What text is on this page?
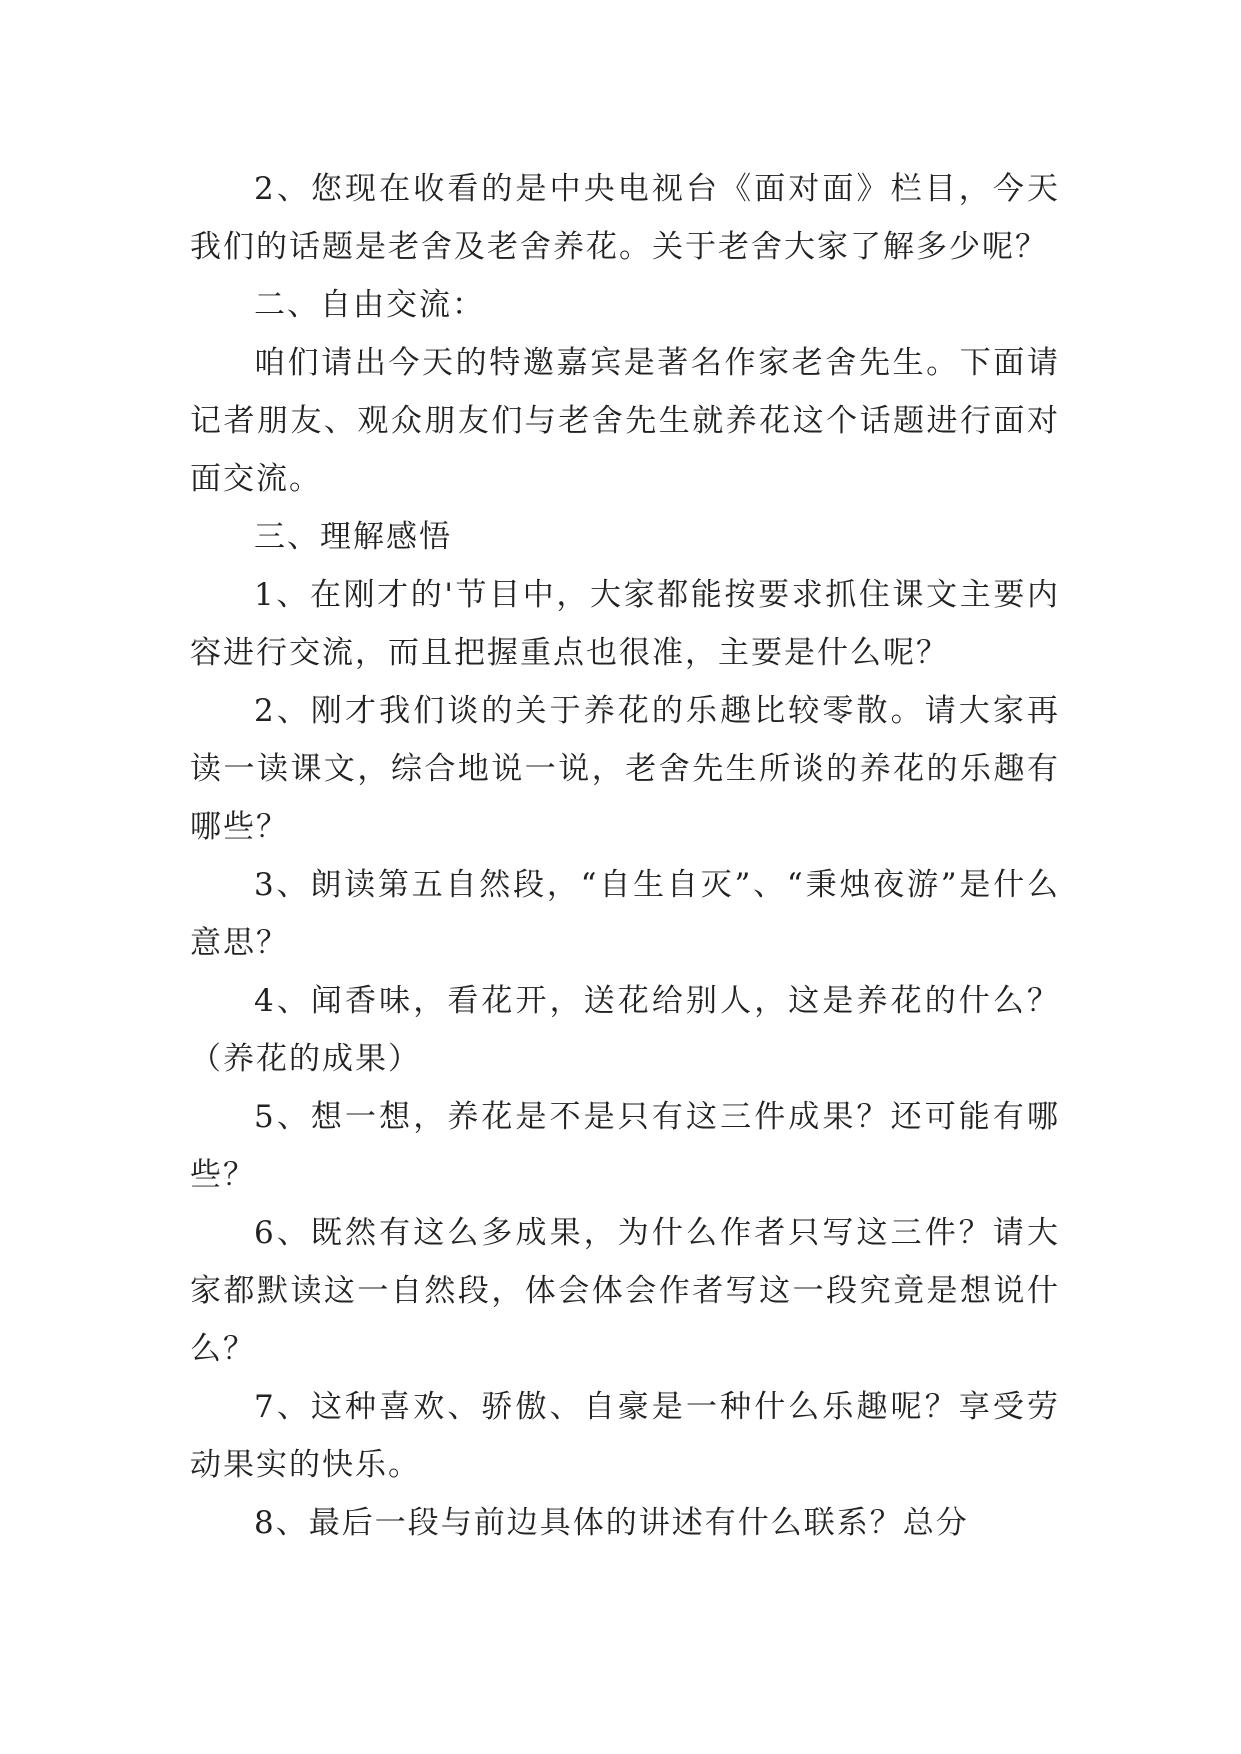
2、您现在收看的是中央电视台《面对面》栏目，今天我们的话题是老舍及老舍养花。关于老舍大家了解多少呢？

二、自由交流：

咱们请出今天的特邀嘉宾是著名作家老舍先生。下面请记者朋友、观众朋友们与老舍先生就养花这个话题进行面对面交流。

三、理解感悟

1、在刚才的'节目中，大家都能按要求抓住课文主要内容进行交流，而且把握重点也很准，主要是什么呢？

2、刚才我们谈的关于养花的乐趣比较零散。请大家再读一读课文，综合地说一说，老舍先生所谈的养花的乐趣有哪些？

3、朗读第五自然段，“自生自灭”、“秉烛夜游”是什么意思？

4、闻香味，看花开，送花给别人，这是养花的什么？（养花的成果）

5、想一想，养花是不是只有这三件成果？还可能有哪些？

6、既然有这么多成果，为什么作者只写这三件？请大家都默读这一自然段，体会体会作者写这一段究竟是想说什么？

7、这种喜欢、骄傲、自豪是一种什么乐趣呢？享受劳动果实的快乐。

8、最后一段与前边具体的讲述有什么联系？总分
